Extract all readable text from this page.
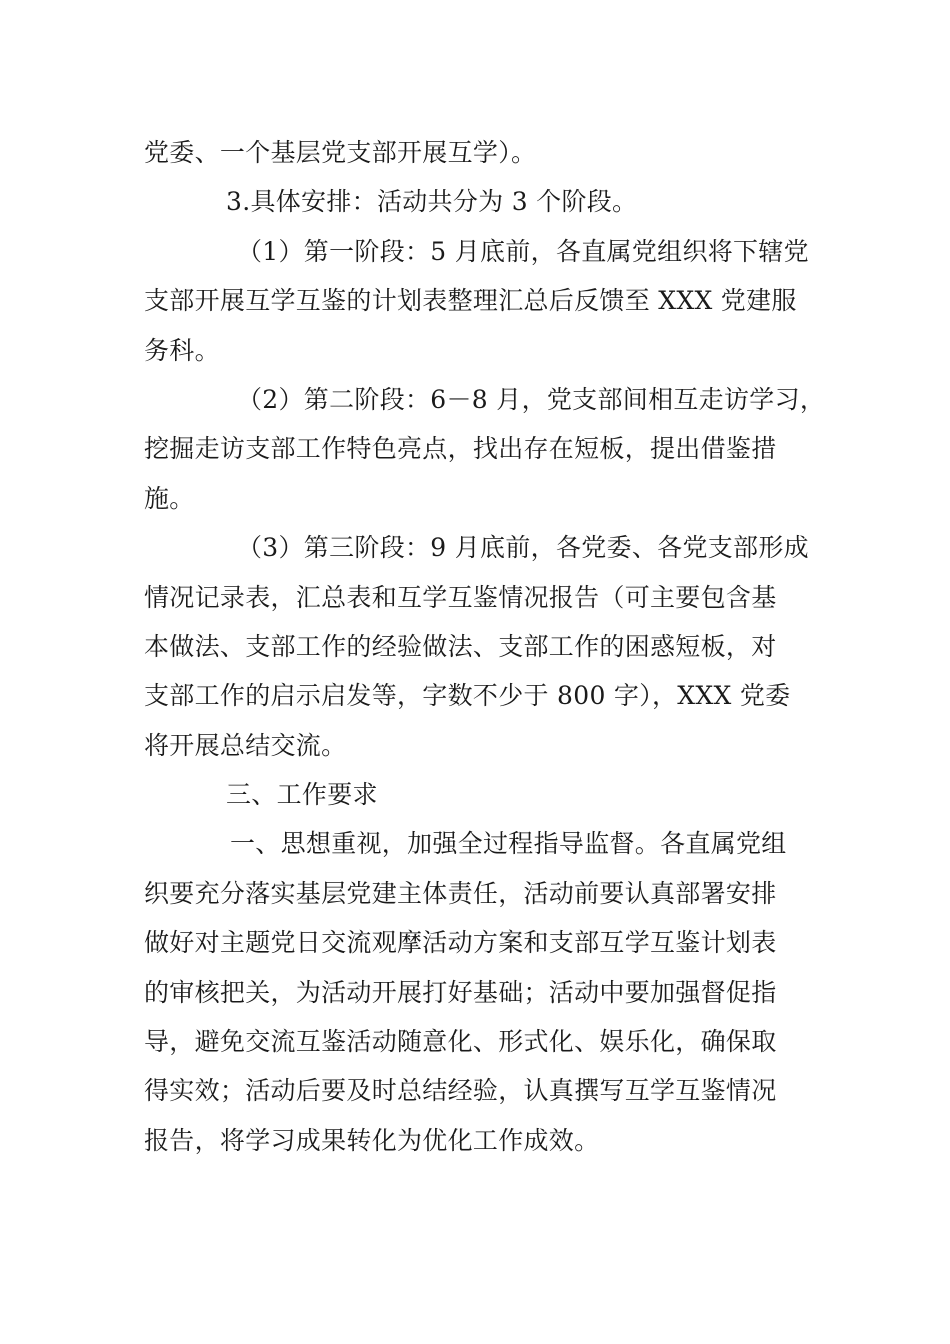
党委、一个基层党支部开展互学）。
3.具体安排：活动共分为 3 个阶段。
（1）第一阶段：5 月底前，各直属党组织将下辖党
支部开展互学互鉴的计划表整理汇总后反馈至 XXX 党建服
务科。
（2）第二阶段：6－8 月，党支部间相互走访学习，
挖掘走访支部工作特色亮点，找出存在短板，提出借鉴措
施。
（3）第三阶段：9 月底前，各党委、各党支部形成
情况记录表，汇总表和互学互鉴情况报告（可主要包含基
本做法、支部工作的经验做法、支部工作的困惑短板，对
支部工作的启示启发等，字数不少于 800 字），XXX 党委
将开展总结交流。
三、工作要求
一、思想重视，加强全过程指导监督。各直属党组
织要充分落实基层党建主体责任，活动前要认真部署安排
做好对主题党日交流观摩活动方案和支部互学互鉴计划表
的审核把关，为活动开展打好基础；活动中要加强督促指
导，避免交流互鉴活动随意化、形式化、娱乐化，确保取
得实效；活动后要及时总结经验，认真撰写互学互鉴情况
报告，将学习成果转化为优化工作成效。
